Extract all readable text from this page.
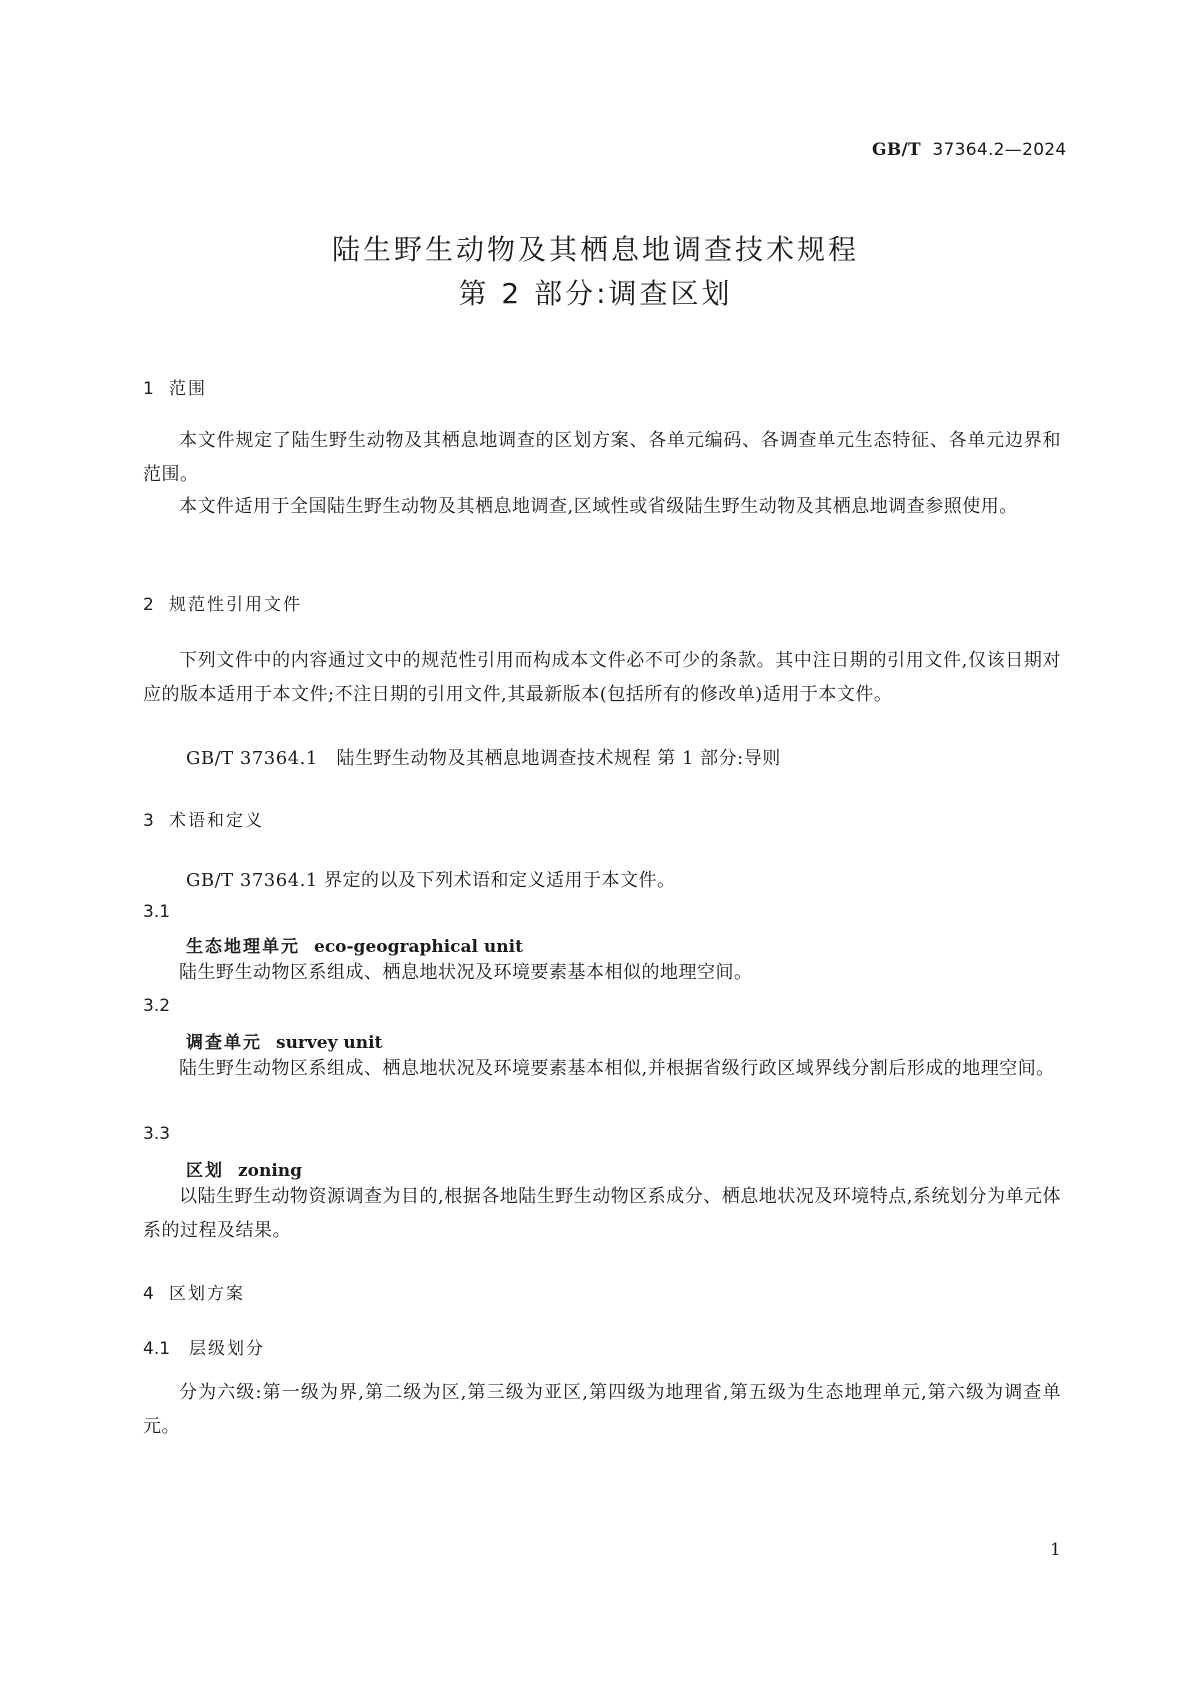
GB/T 37364.2—2024
陆生野生动物及其栖息地调查技术规程
第 2 部分:调查区划
1 范围
本文件规定了陆生野生动物及其栖息地调查的区划方案、各单元编码、各调查单元生态特征、各单元边界和范围。
本文件适用于全国陆生野生动物及其栖息地调查,区域性或省级陆生野生动物及其栖息地调查参照使用。
2 规范性引用文件
下列文件中的内容通过文中的规范性引用而构成本文件必不可少的条款。其中注日期的引用文件,仅该日期对应的版本适用于本文件;不注日期的引用文件,其最新版本(包括所有的修改单)适用于本文件。
GB/T 37364.1 陆生野生动物及其栖息地调查技术规程 第 1 部分:导则
3 术语和定义
GB/T 37364.1 界定的以及下列术语和定义适用于本文件。
3.1
生态地理单元 eco-geographical unit
陆生野生动物区系组成、栖息地状况及环境要素基本相似的地理空间。
3.2
调查单元 survey unit
陆生野生动物区系组成、栖息地状况及环境要素基本相似,并根据省级行政区域界线分割后形成的地理空间。
3.3
区划 zoning
以陆生野生动物资源调查为目的,根据各地陆生野生动物区系成分、栖息地状况及环境特点,系统划分为单元体系的过程及结果。
4 区划方案
4.1 层级划分
分为六级:第一级为界,第二级为区,第三级为亚区,第四级为地理省,第五级为生态地理单元,第六级为调查单元。
1
